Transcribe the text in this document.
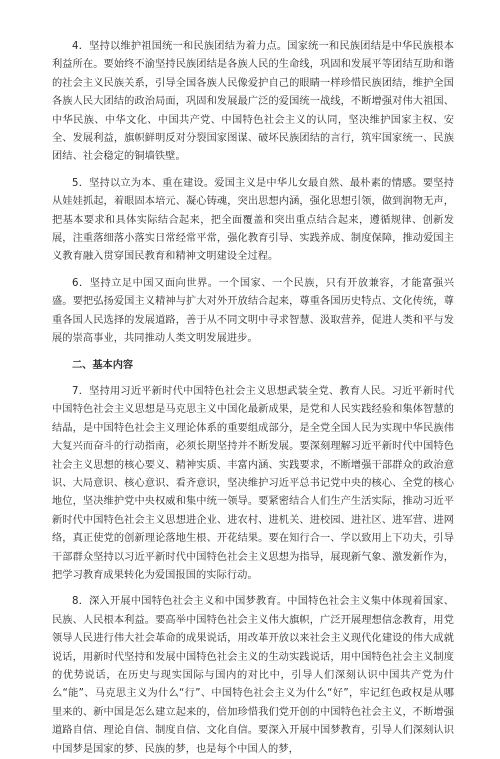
4．坚持以维护祖国统一和民族团结为着力点。国家统一和民族团结是中华民族根本利益所在。要始终不渝坚持民族团结是各族人民的生命线，巩固和发展平等团结互助和谐的社会主义民族关系，引导全国各族人民像爱护自己的眼睛一样珍惜民族团结，维护全国各族人民大团结的政治局面，巩固和发展最广泛的爱国统一战线，不断增强对伟大祖国、中华民族、中华文化、中国共产党、中国特色社会主义的认同，坚决维护国家主权、安全、发展利益，旗帜鲜明反对分裂国家图谋、破坏民族团结的言行，筑牢国家统一、民族团结、社会稳定的铜墙铁壁。

5．坚持以立为本、重在建设。爱国主义是中华儿女最自然、最朴素的情感。要坚持从娃娃抓起，着眼固本培元、凝心铸魂，突出思想内涵，强化思想引领，做到润物无声，把基本要求和具体实际结合起来，把全面覆盖和突出重点结合起来，遵循规律、创新发展，注重落细落小落实日常经常平常，强化教育引导、实践养成、制度保障，推动爱国主义教育融入贯穿国民教育和精神文明建设全过程。

6．坚持立足中国又面向世界。一个国家、一个民族，只有开放兼容，才能富强兴盛。要把弘扬爱国主义精神与扩大对外开放结合起来，尊重各国历史特点、文化传统，尊重各国人民选择的发展道路，善于从不同文明中寻求智慧、汲取营养，促进人类和平与发展的崇高事业，共同推动人类文明发展进步。

二、基本内容

7．坚持用习近平新时代中国特色社会主义思想武装全党、教育人民。习近平新时代中国特色社会主义思想是马克思主义中国化最新成果，是党和人民实践经验和集体智慧的结晶，是中国特色社会主义理论体系的重要组成部分，是全党全国人民为实现中华民族伟大复兴而奋斗的行动指南，必须长期坚持并不断发展。要深刻理解习近平新时代中国特色社会主义思想的核心要义、精神实质、丰富内涵、实践要求，不断增强干部群众的政治意识、大局意识、核心意识、看齐意识，坚决维护习近平总书记党中央的核心、全党的核心地位，坚决维护党中央权威和集中统一领导。要紧密结合人们生产生活实际，推动习近平新时代中国特色社会主义思想进企业、进农村、进机关、进校园、进社区、进军营、进网络，真正使党的创新理论落地生根、开花结果。要在知行合一、学以致用上下功夫，引导干部群众坚持以习近平新时代中国特色社会主义思想为指导，展现新气象、激发新作为，把学习教育成果转化为爱国报国的实际行动。

8．深入开展中国特色社会主义和中国梦教育。中国特色社会主义集中体现着国家、民族、人民根本利益。要高举中国特色社会主义伟大旗帜，广泛开展理想信念教育，用党领导人民进行伟大社会革命的成果说话，用改革开放以来社会主义现代化建设的伟大成就说话，用新时代坚持和发展中国特色社会主义的生动实践说话，用中国特色社会主义制度的优势说话，在历史与现实国际与国内的对比中，引导人们深刻认识中国共产党为什么“能”、马克思主义为什么“行”、中国特色社会主义为什么“好”，牢记红色政权是从哪里来的、新中国是怎么建立起来的，倍加珍惜我们党开创的中国特色社会主义，不断增强道路自信、理论自信、制度自信、文化自信。要深入开展中国梦教育，引导人们深刻认识中国梦是国家的梦、民族的梦，也是每个中国人的梦，
